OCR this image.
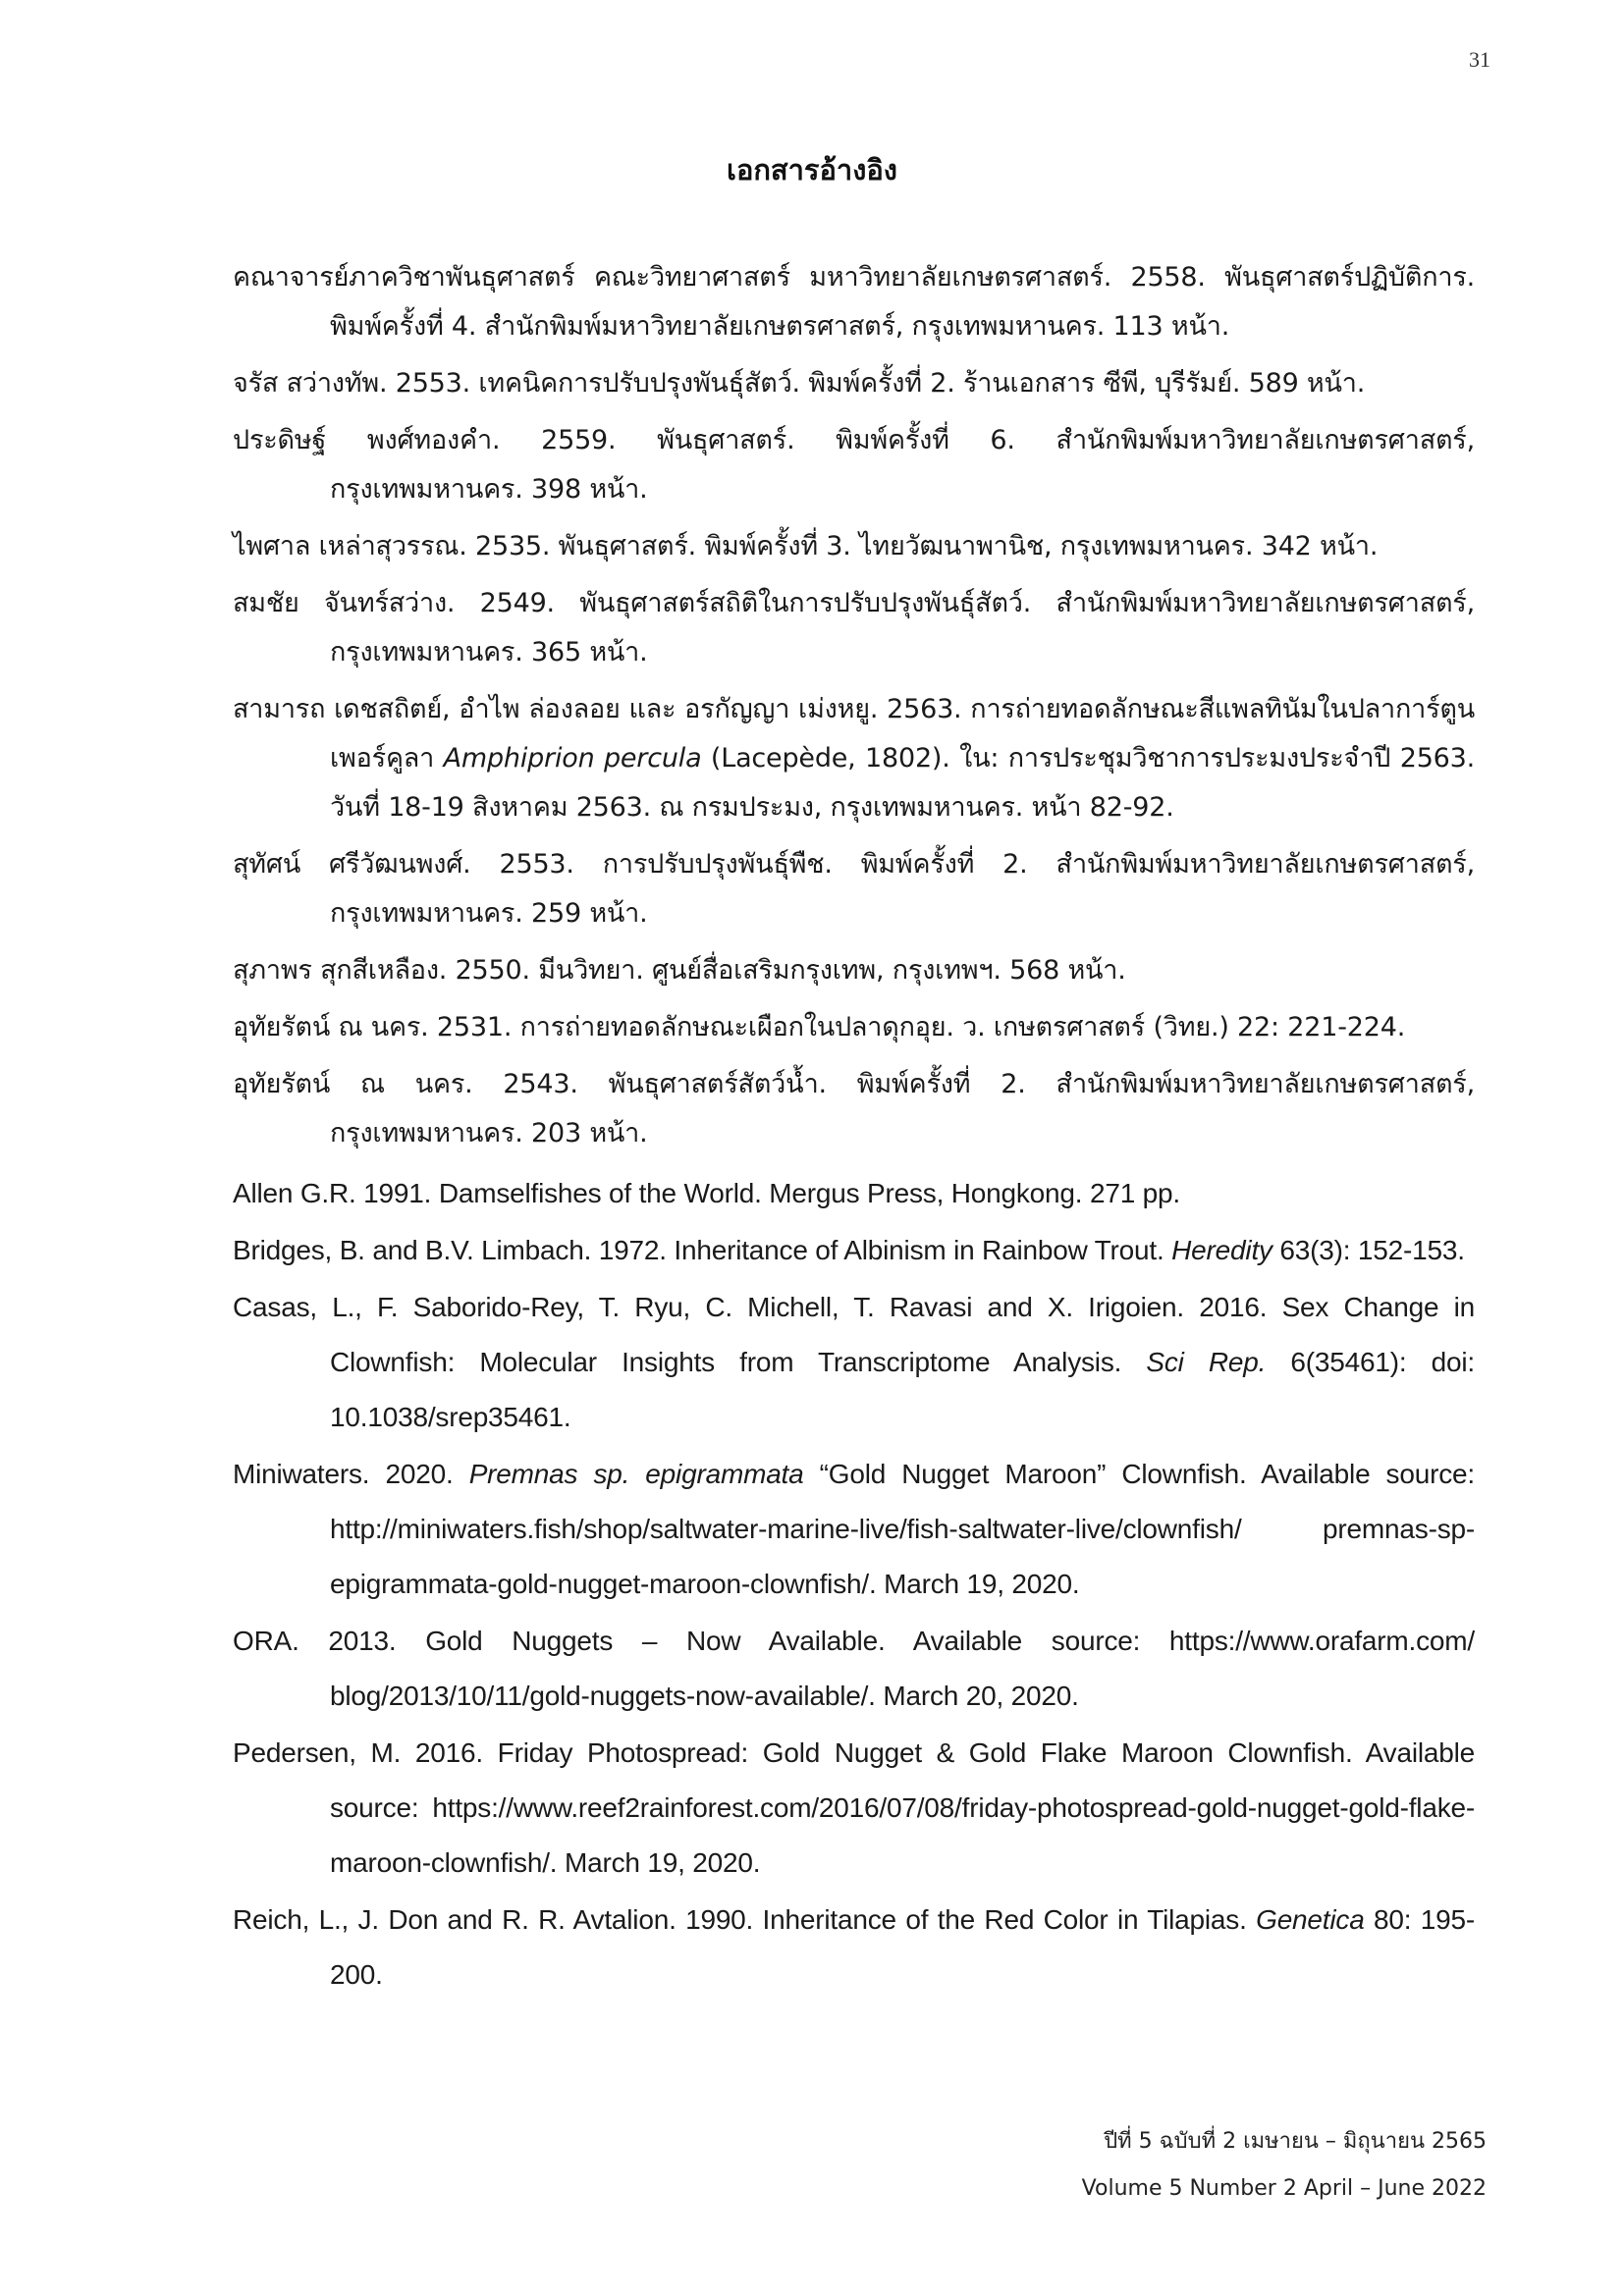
31
เอกสารอ้างอิง
คณาจารย์ภาควิชาพันธุศาสตร์ คณะวิทยาศาสตร์ มหาวิทยาลัยเกษตรศาสตร์. 2558. พันธุศาสตร์ปฏิบัติการ. พิมพ์ครั้งที่ 4. สำนักพิมพ์มหาวิทยาลัยเกษตรศาสตร์, กรุงเทพมหานคร. 113 หน้า.
จรัส สว่างทัพ. 2553. เทคนิคการปรับปรุงพันธุ์สัตว์. พิมพ์ครั้งที่ 2. ร้านเอกสาร ซีพี, บุรีรัมย์. 589 หน้า.
ประดิษฐ์ พงศ์ทองคำ. 2559. พันธุศาสตร์. พิมพ์ครั้งที่ 6. สำนักพิมพ์มหาวิทยาลัยเกษตรศาสตร์, กรุงเทพมหานคร. 398 หน้า.
ไพศาล เหล่าสุวรรณ. 2535. พันธุศาสตร์. พิมพ์ครั้งที่ 3. ไทยวัฒนาพานิช, กรุงเทพมหานคร. 342 หน้า.
สมชัย จันทร์สว่าง. 2549. พันธุศาสตร์สถิติในการปรับปรุงพันธุ์สัตว์. สำนักพิมพ์มหาวิทยาลัยเกษตรศาสตร์, กรุงเทพมหานคร. 365 หน้า.
สามารถ เดชสถิตย์, อำไพ ล่องลอย และ อรกัญญา เม่งหยู. 2563. การถ่ายทอดลักษณะสีแพลทินัมในปลาการ์ตูนเพอร์คูลา Amphiprion percula (Lacepède, 1802). ใน: การประชุมวิชาการประมงประจำปี 2563. วันที่ 18-19 สิงหาคม 2563. ณ กรมประมง, กรุงเทพมหานคร. หน้า 82-92.
สุทัศน์ ศรีวัฒนพงศ์. 2553. การปรับปรุงพันธุ์พืช. พิมพ์ครั้งที่ 2. สำนักพิมพ์มหาวิทยาลัยเกษตรศาสตร์, กรุงเทพมหานคร. 259 หน้า.
สุภาพร สุกสีเหลือง. 2550. มีนวิทยา. ศูนย์สื่อเสริมกรุงเทพ, กรุงเทพฯ. 568 หน้า.
อุทัยรัตน์ ณ นคร. 2531. การถ่ายทอดลักษณะเผือกในปลาดุกอุย. ว. เกษตรศาสตร์ (วิทย.) 22: 221-224.
อุทัยรัตน์ ณ นคร. 2543. พันธุศาสตร์สัตว์น้ำ. พิมพ์ครั้งที่ 2. สำนักพิมพ์มหาวิทยาลัยเกษตรศาสตร์, กรุงเทพมหานคร. 203 หน้า.
Allen G.R. 1991. Damselfishes of the World. Mergus Press, Hongkong. 271 pp.
Bridges, B. and B.V. Limbach. 1972. Inheritance of Albinism in Rainbow Trout. Heredity 63(3): 152-153.
Casas, L., F. Saborido-Rey, T. Ryu, C. Michell, T. Ravasi and X. Irigoien. 2016. Sex Change in Clownfish: Molecular Insights from Transcriptome Analysis. Sci Rep. 6(35461): doi: 10.1038/srep35461.
Miniwaters. 2020. Premnas sp. epigrammata “Gold Nugget Maroon” Clownfish. Available source: http://miniwaters.fish/shop/saltwater-marine-live/fish-saltwater-live/clownfish/ premnas-sp-epigrammata-gold-nugget-maroon-clownfish/. March 19, 2020.
ORA. 2013. Gold Nuggets – Now Available. Available source: https://www.orafarm.com/ blog/2013/10/11/gold-nuggets-now-available/. March 20, 2020.
Pedersen, M. 2016. Friday Photospread: Gold Nugget & Gold Flake Maroon Clownfish. Available source: https://www.reef2rainforest.com/2016/07/08/friday-photospread-gold-nugget-gold-flake-maroon-clownfish/. March 19, 2020.
Reich, L., J. Don and R. R. Avtalion. 1990. Inheritance of the Red Color in Tilapias. Genetica 80: 195-200.
ปีที่ 5 ฉบับที่ 2 เมษายน – มิถุนายน 2565
Volume 5 Number 2 April – June 2022
